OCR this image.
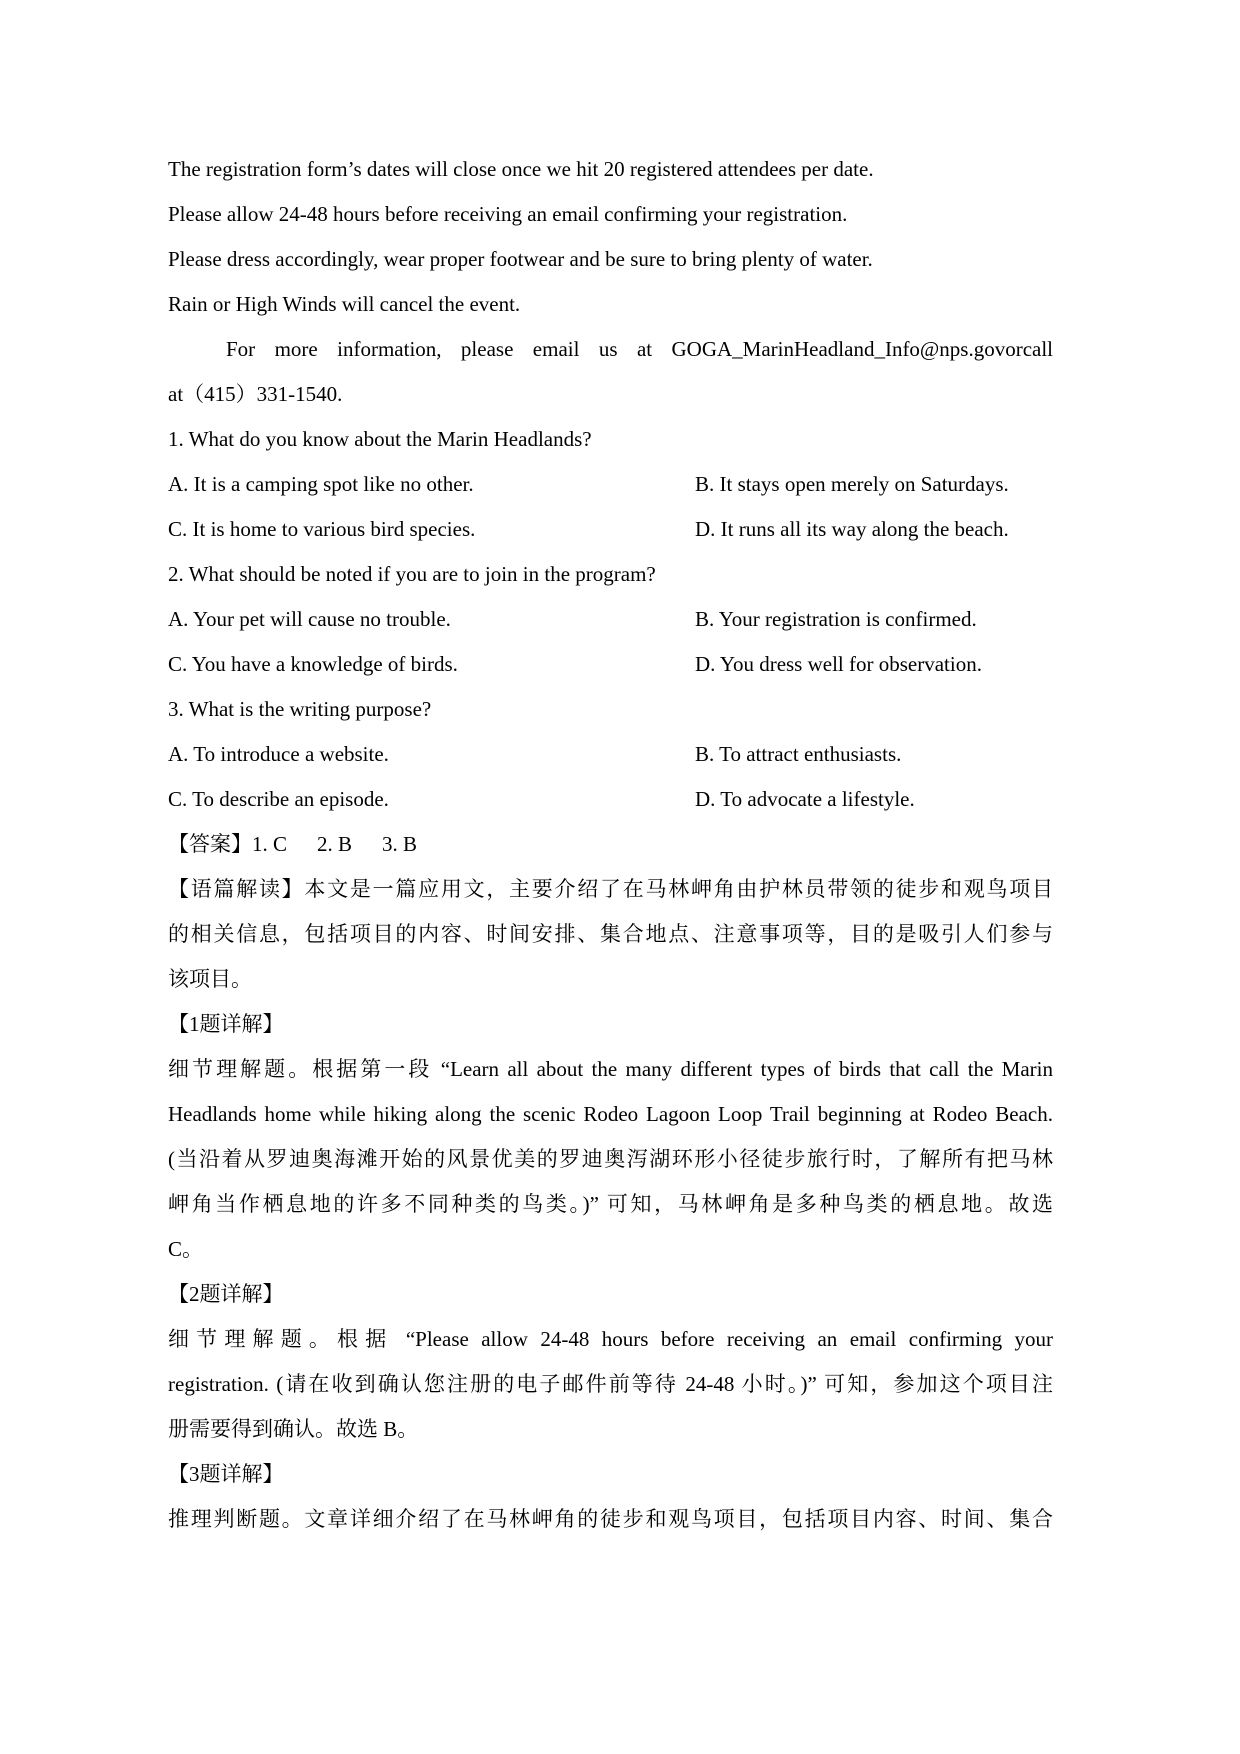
The registration form’s dates will close once we hit 20 registered attendees per date.

Please allow 24-48 hours before receiving an email confirming your registration.

Please dress accordingly, wear proper footwear and be sure to bring plenty of water.

Rain or High Winds will cancel the event.

For more information, please email us at GOGA_MarinHeadland_Info@nps.govorcall

at（415）331-1540.

1. What do you know about the Marin Headlands?

A. It is a camping spot like no other.	B. It stays open merely on Saturdays.
C. It is home to various bird species.	D. It runs all its way along the beach.

2. What should be noted if you are to join in the program?

A. Your pet will cause no trouble.	B. Your registration is confirmed.
C. You have a knowledge of birds.	D. You dress well for observation.

3. What is the writing purpose?

A. To introduce a website.	B. To attract enthusiasts.
C. To describe an episode.	D. To advocate a lifestyle.

【答案】1. C 2. B 3. B

【语篇解读】本文是一篇应用文，主要介绍了在马林岬角由护林员带领的徒步和观鸟项目

的相关信息，包括项目的内容、时间安排、集合地点、注意事项等，目的是吸引人们参与

该项目。

【1题详解】

细节理解题。根据第一段 “Learn all about the many different types of birds that call the Marin

Headlands home while hiking along the scenic Rodeo Lagoon Loop Trail beginning at Rodeo Beach.

(当沿着从罗迪奥海滩开始的风景优美的罗迪奥泻湖环形小径徒步旅行时，了解所有把马林

岬角当作栖息地的许多不同种类的鸟类。)” 可知，马林岬角是多种鸟类的栖息地。故选

C。

【2题详解】

细节理解题。根据 “Please allow 24-48 hours before receiving an email confirming your

registration. (请在收到确认您注册的电子邮件前等待 24-48 小时。)” 可知，参加这个项目注

册需要得到确认。故选 B。

【3题详解】

推理判断题。文章详细介绍了在马林岬角的徒步和观鸟项目，包括项目内容、时间、集合
